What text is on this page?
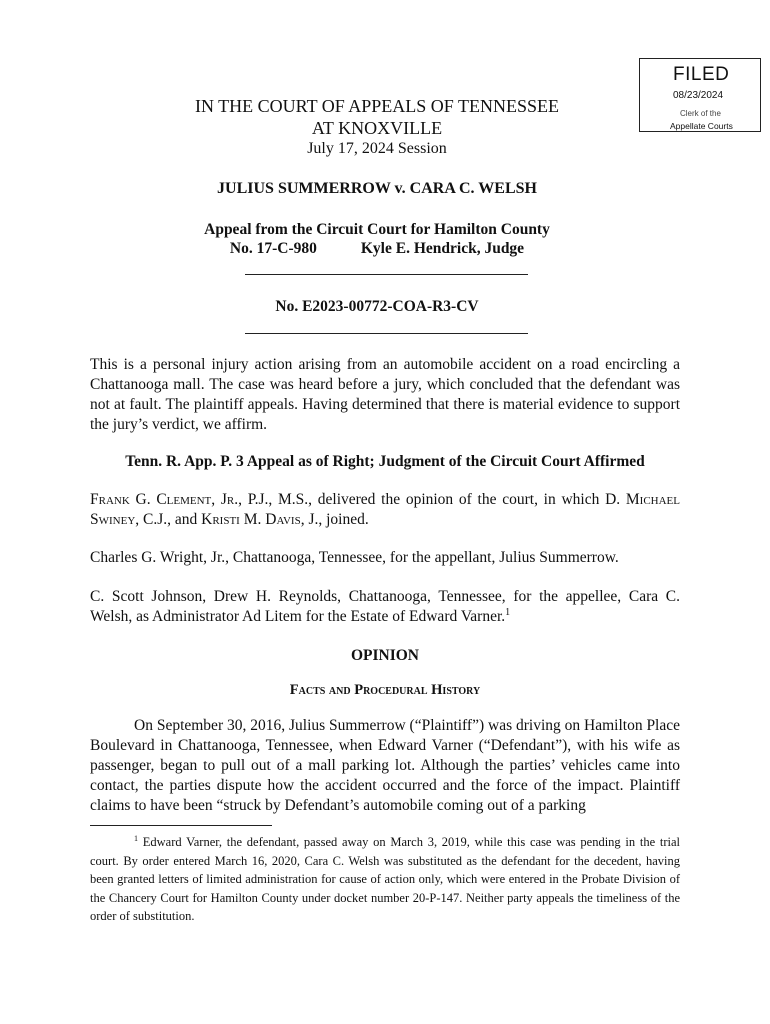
FILED
08/23/2024
Clerk of the
Appellate Courts
IN THE COURT OF APPEALS OF TENNESSEE
AT KNOXVILLE
July 17, 2024 Session
JULIUS SUMMERROW v. CARA C. WELSH
Appeal from the Circuit Court for Hamilton County
No. 17-C-980	Kyle E. Hendrick, Judge
No. E2023-00772-COA-R3-CV
This is a personal injury action arising from an automobile accident on a road encircling a Chattanooga mall. The case was heard before a jury, which concluded that the defendant was not at fault. The plaintiff appeals. Having determined that there is material evidence to support the jury’s verdict, we affirm.
Tenn. R. App. P. 3 Appeal as of Right; Judgment of the Circuit Court Affirmed
Frank G. Clement, Jr., P.J., M.S., delivered the opinion of the court, in which D. Michael Swiney, C.J., and Kristi M. Davis, J., joined.
Charles G. Wright, Jr., Chattanooga, Tennessee, for the appellant, Julius Summerrow.
C. Scott Johnson, Drew H. Reynolds, Chattanooga, Tennessee, for the appellee, Cara C. Welsh, as Administrator Ad Litem for the Estate of Edward Varner.$^1$
OPINION
Facts and Procedural History
On September 30, 2016, Julius Summerrow (“Plaintiff”) was driving on Hamilton Place Boulevard in Chattanooga, Tennessee, when Edward Varner (“Defendant”), with his wife as passenger, began to pull out of a mall parking lot. Although the parties’ vehicles came into contact, the parties dispute how the accident occurred and the force of the impact. Plaintiff claims to have been “struck by Defendant’s automobile coming out of a parking
$^1$ Edward Varner, the defendant, passed away on March 3, 2019, while this case was pending in the trial court. By order entered March 16, 2020, Cara C. Welsh was substituted as the defendant for the decedent, having been granted letters of limited administration for cause of action only, which were entered in the Probate Division of the Chancery Court for Hamilton County under docket number 20-P-147. Neither party appeals the timeliness of the order of substitution.
